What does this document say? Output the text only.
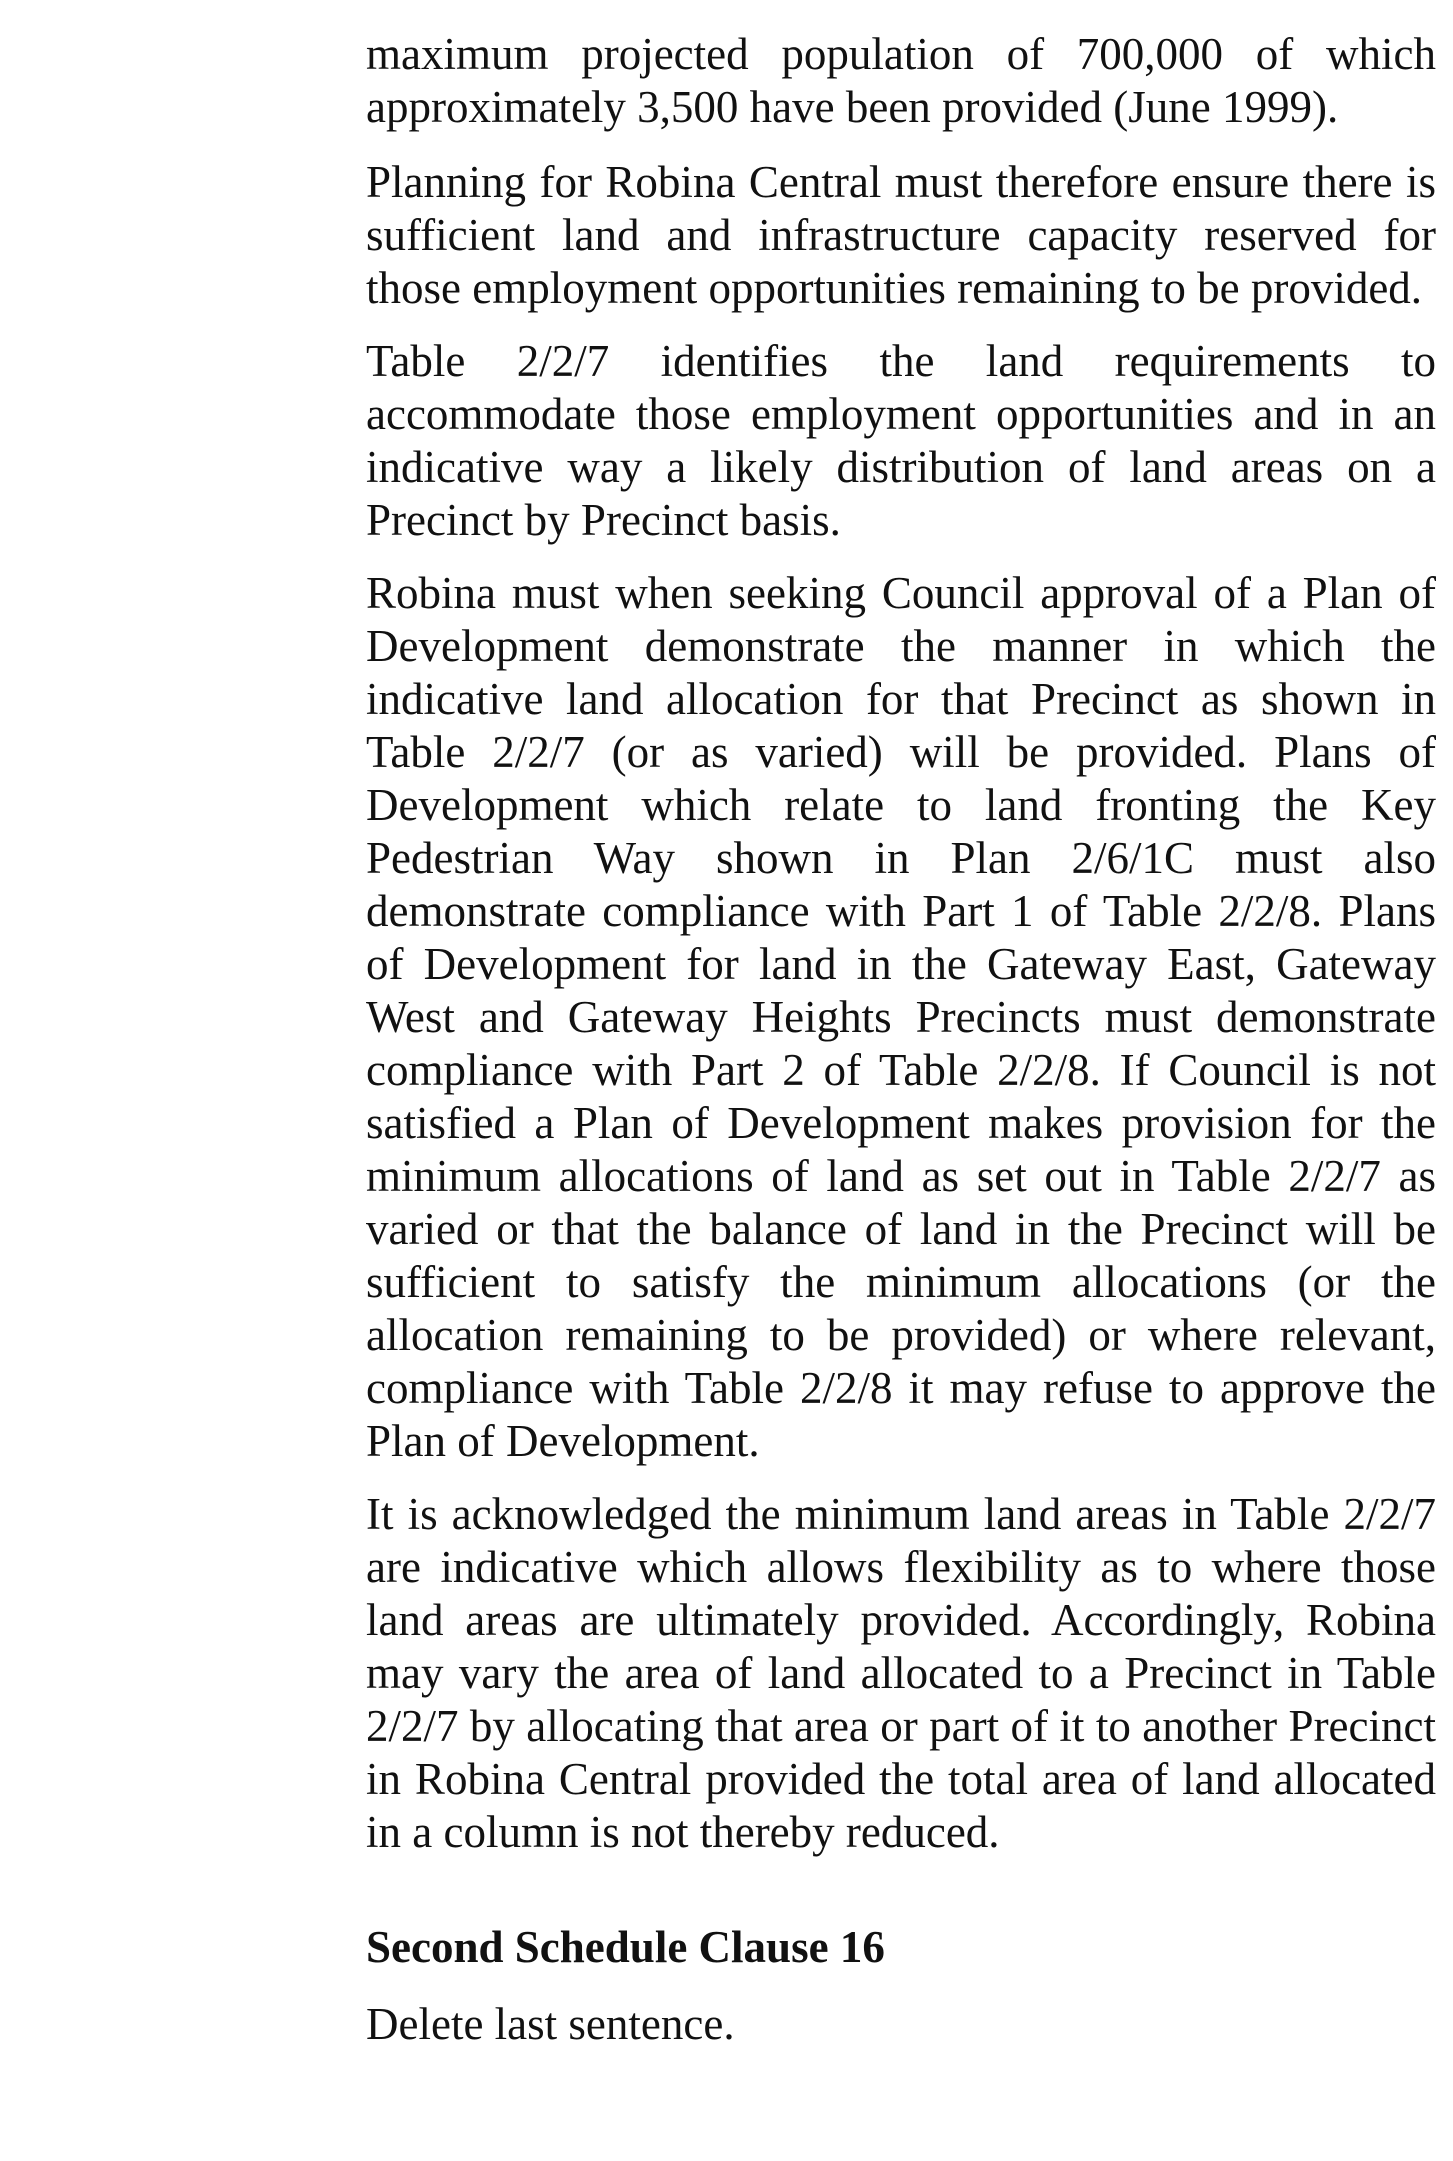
maximum projected population of 700,000 of which approximately 3,500 have been provided (June 1999).

Planning for Robina Central must therefore ensure there is sufficient land and infrastructure capacity reserved for those employment opportunities remaining to be provided.

Table 2/2/7 identifies the land requirements to accommodate those employment opportunities and in an indicative way a likely distribution of land areas on a Precinct by Precinct basis.

Robina must when seeking Council approval of a Plan of Development demonstrate the manner in which the indicative land allocation for that Precinct as shown in Table 2/2/7 (or as varied) will be provided. Plans of Development which relate to land fronting the Key Pedestrian Way shown in Plan 2/6/1C must also demonstrate compliance with Part 1 of Table 2/2/8. Plans of Development for land in the Gateway East, Gateway West and Gateway Heights Precincts must demonstrate compliance with Part 2 of Table 2/2/8. If Council is not satisfied a Plan of Development makes provision for the minimum allocations of land as set out in Table 2/2/7 as varied or that the balance of land in the Precinct will be sufficient to satisfy the minimum allocations (or the allocation remaining to be provided) or where relevant, compliance with Table 2/2/8 it may refuse to approve the Plan of Development.

It is acknowledged the minimum land areas in Table 2/2/7 are indicative which allows flexibility as to where those land areas are ultimately provided. Accordingly, Robina may vary the area of land allocated to a Precinct in Table 2/2/7 by allocating that area or part of it to another Precinct in Robina Central provided the total area of land allocated in a column is not thereby reduced.

Second Schedule Clause 16

Delete last sentence.
